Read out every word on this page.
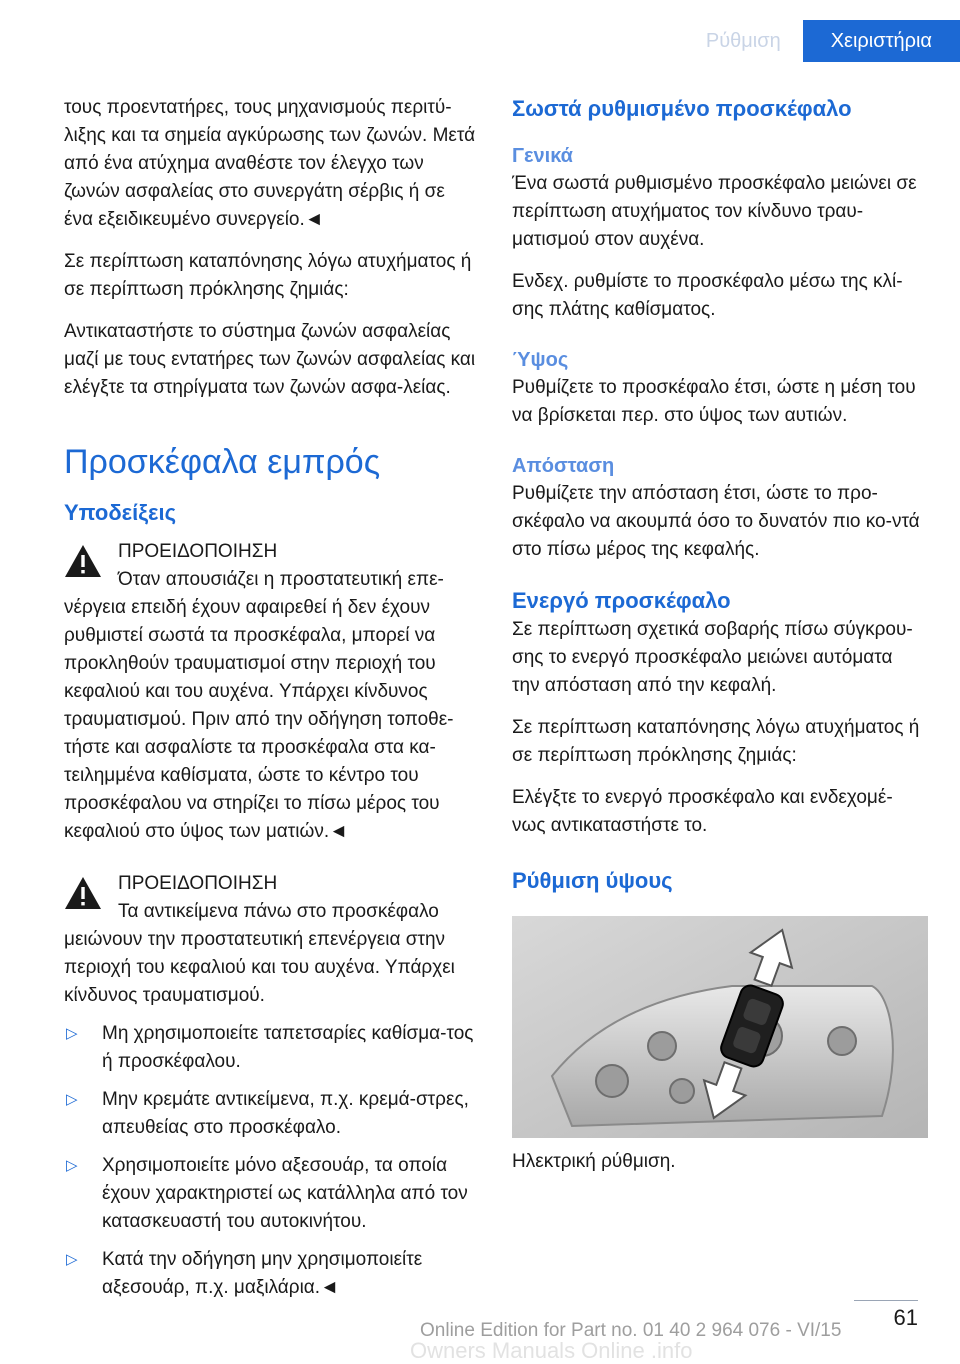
Ρύθμιση	Χειριστήρια

τους προεντατήρες, τους μηχανισμούς περιτύ-λιξης και τα σημεία αγκύρωσης των ζωνών. Μετά από ένα ατύχημα αναθέστε τον έλεγχο των ζωνών ασφαλείας στο συνεργάτη σέρβις ή σε ένα εξειδικευμένο συνεργείο.◄

Σε περίπτωση καταπόνησης λόγω ατυχήματος ή σε περίπτωση πρόκλησης ζημιάς:

Αντικαταστήστε το σύστημα ζωνών ασφαλείας μαζί με τους εντατήρες των ζωνών ασφαλείας και ελέγξτε τα στηρίγματα των ζωνών ασφα-λείας.

Προσκέφαλα εμπρός
Υποδείξεις

ΠΡΟΕΙΔΟΠΟΙΗΣΗ

Όταν απουσιάζει η προστατευτική επε-

νέργεια επειδή έχουν αφαιρεθεί ή δεν έχουν ρυθμιστεί σωστά τα προσκέφαλα, μπορεί να προκληθούν τραυματισμοί στην περιοχή του κεφαλιού και του αυχένα. Υπάρχει κίνδυνος τραυματισμού. Πριν από την οδήγηση τοποθε-τήστε και ασφαλίστε τα προσκέφαλα στα κα-τειλημμένα καθίσματα, ώστε το κέντρο του προσκέφαλου να στηρίζει το πίσω μέρος του κεφαλιού στο ύψος των ματιών.◄

ΠΡΟΕΙΔΟΠΟΙΗΣΗ

Τα αντικείμενα πάνω στο προσκέφαλο

μειώνουν την προστατευτική επενέργεια στην περιοχή του κεφαλιού και του αυχένα. Υπάρχει κίνδυνος τραυματισμού.

▷	Μη χρησιμοποιείτε ταπετσαρίες καθίσμα-τος ή προσκέφαλου.
▷	Μην κρεμάτε αντικείμενα, π.χ. κρεμά-στρες, απευθείας στο προσκέφαλο.
▷	Χρησιμοποιείτε μόνο αξεσουάρ, τα οποία έχουν χαρακτηριστεί ως κατάλληλα από τον κατασκευαστή του αυτοκινήτου.
▷	Κατά την οδήγηση μην χρησιμοποιείτε αξεσουάρ, π.χ. μαξιλάρια.◄
Σωστά ρυθμισμένο προσκέφαλο
Γενικά

Ένα σωστά ρυθμισμένο προσκέφαλο μειώνει σε περίπτωση ατυχήματος τον κίνδυνο τραυ-ματισμού στον αυχένα.

Ενδεχ. ρυθμίστε το προσκέφαλο μέσω της κλί-σης πλάτης καθίσματος.

Ύψος

Ρυθμίζετε το προσκέφαλο έτσι, ώστε η μέση του να βρίσκεται περ. στο ύψος των αυτιών.

Απόσταση

Ρυθμίζετε την απόσταση έτσι, ώστε το προ-σκέφαλο να ακουμπά όσο το δυνατόν πιο κο-ντά στο πίσω μέρος της κεφαλής.

Ενεργό προσκέφαλο

Σε περίπτωση σχετικά σοβαρής πίσω σύγκρου-σης το ενεργό προσκέφαλο μειώνει αυτόματα την απόσταση από την κεφαλή.

Σε περίπτωση καταπόνησης λόγω ατυχήματος ή σε περίπτωση πρόκλησης ζημιάς:

Ελέγξτε το ενεργό προσκέφαλο και ενδεχομέ-νως αντικαταστήστε το.

Ρύθμιση ύψους

Ηλεκτρική ρύθμιση.

61
Online Edition for Part no. 01 40 2 964 076 - VI/15
Owners Manuals Online .info
